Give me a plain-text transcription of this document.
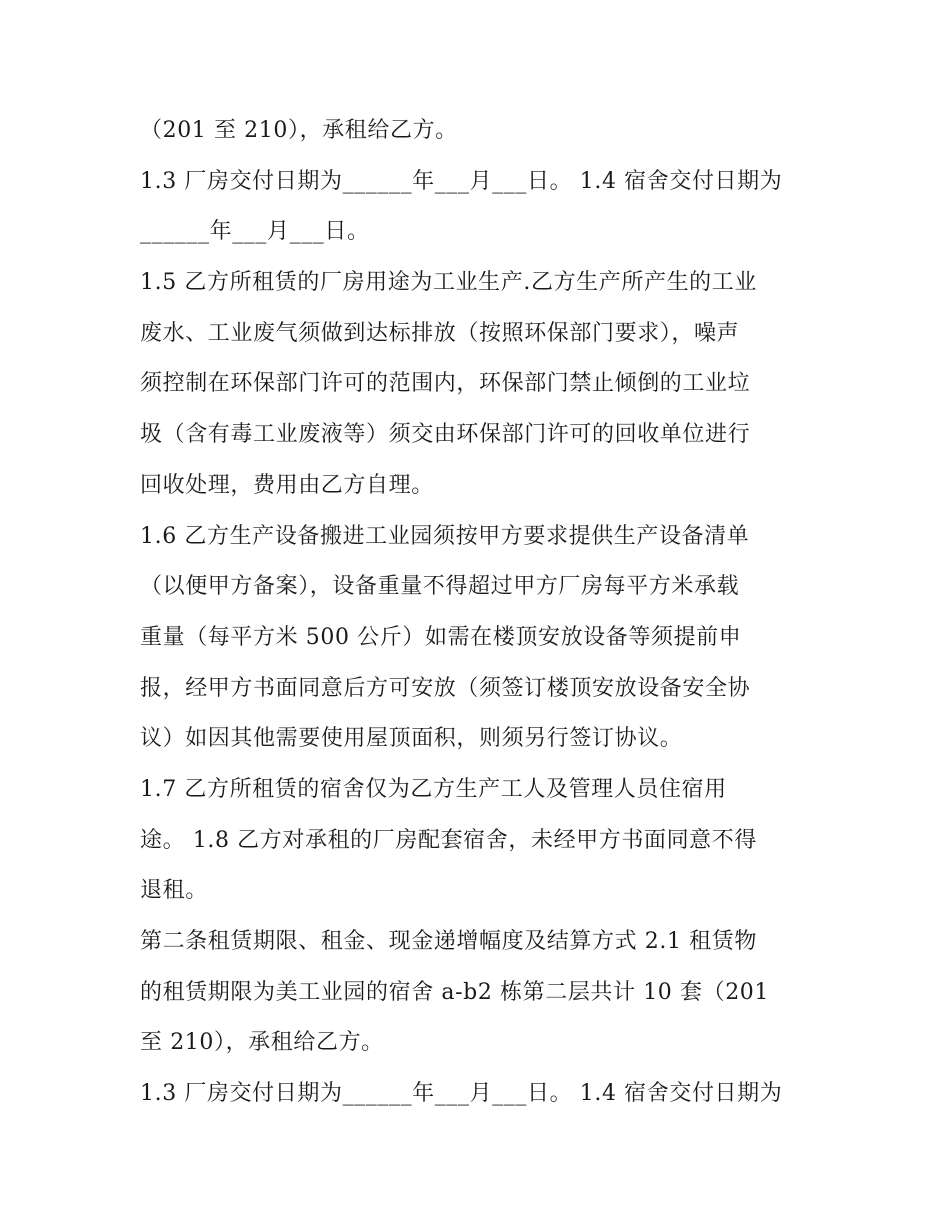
（201 至 210），承租给乙方。
1.3 厂房交付日期为______年___月___日。 1.4 宿舍交付日期为
______年___月___日。
1.5 乙方所租赁的厂房用途为工业生产.乙方生产所产生的工业
废水、工业废气须做到达标排放（按照环保部门要求），噪声
须控制在环保部门许可的范围内，环保部门禁止倾倒的工业垃
圾（含有毒工业废液等）须交由环保部门许可的回收单位进行
回收处理，费用由乙方自理。
1.6 乙方生产设备搬进工业园须按甲方要求提供生产设备清单
（以便甲方备案），设备重量不得超过甲方厂房每平方米承载
重量（每平方米 500 公斤）如需在楼顶安放设备等须提前申
报，经甲方书面同意后方可安放（须签订楼顶安放设备安全协
议）如因其他需要使用屋顶面积，则须另行签订协议。
1.7 乙方所租赁的宿舍仅为乙方生产工人及管理人员住宿用
途。 1.8 乙方对承租的厂房配套宿舍，未经甲方书面同意不得
退租。
第二条租赁期限、租金、现金递增幅度及结算方式 2.1 租赁物
的租赁期限为美工业园的宿舍 a-b2 栋第二层共计 10 套（201
至 210），承租给乙方。
1.3 厂房交付日期为______年___月___日。 1.4 宿舍交付日期为
